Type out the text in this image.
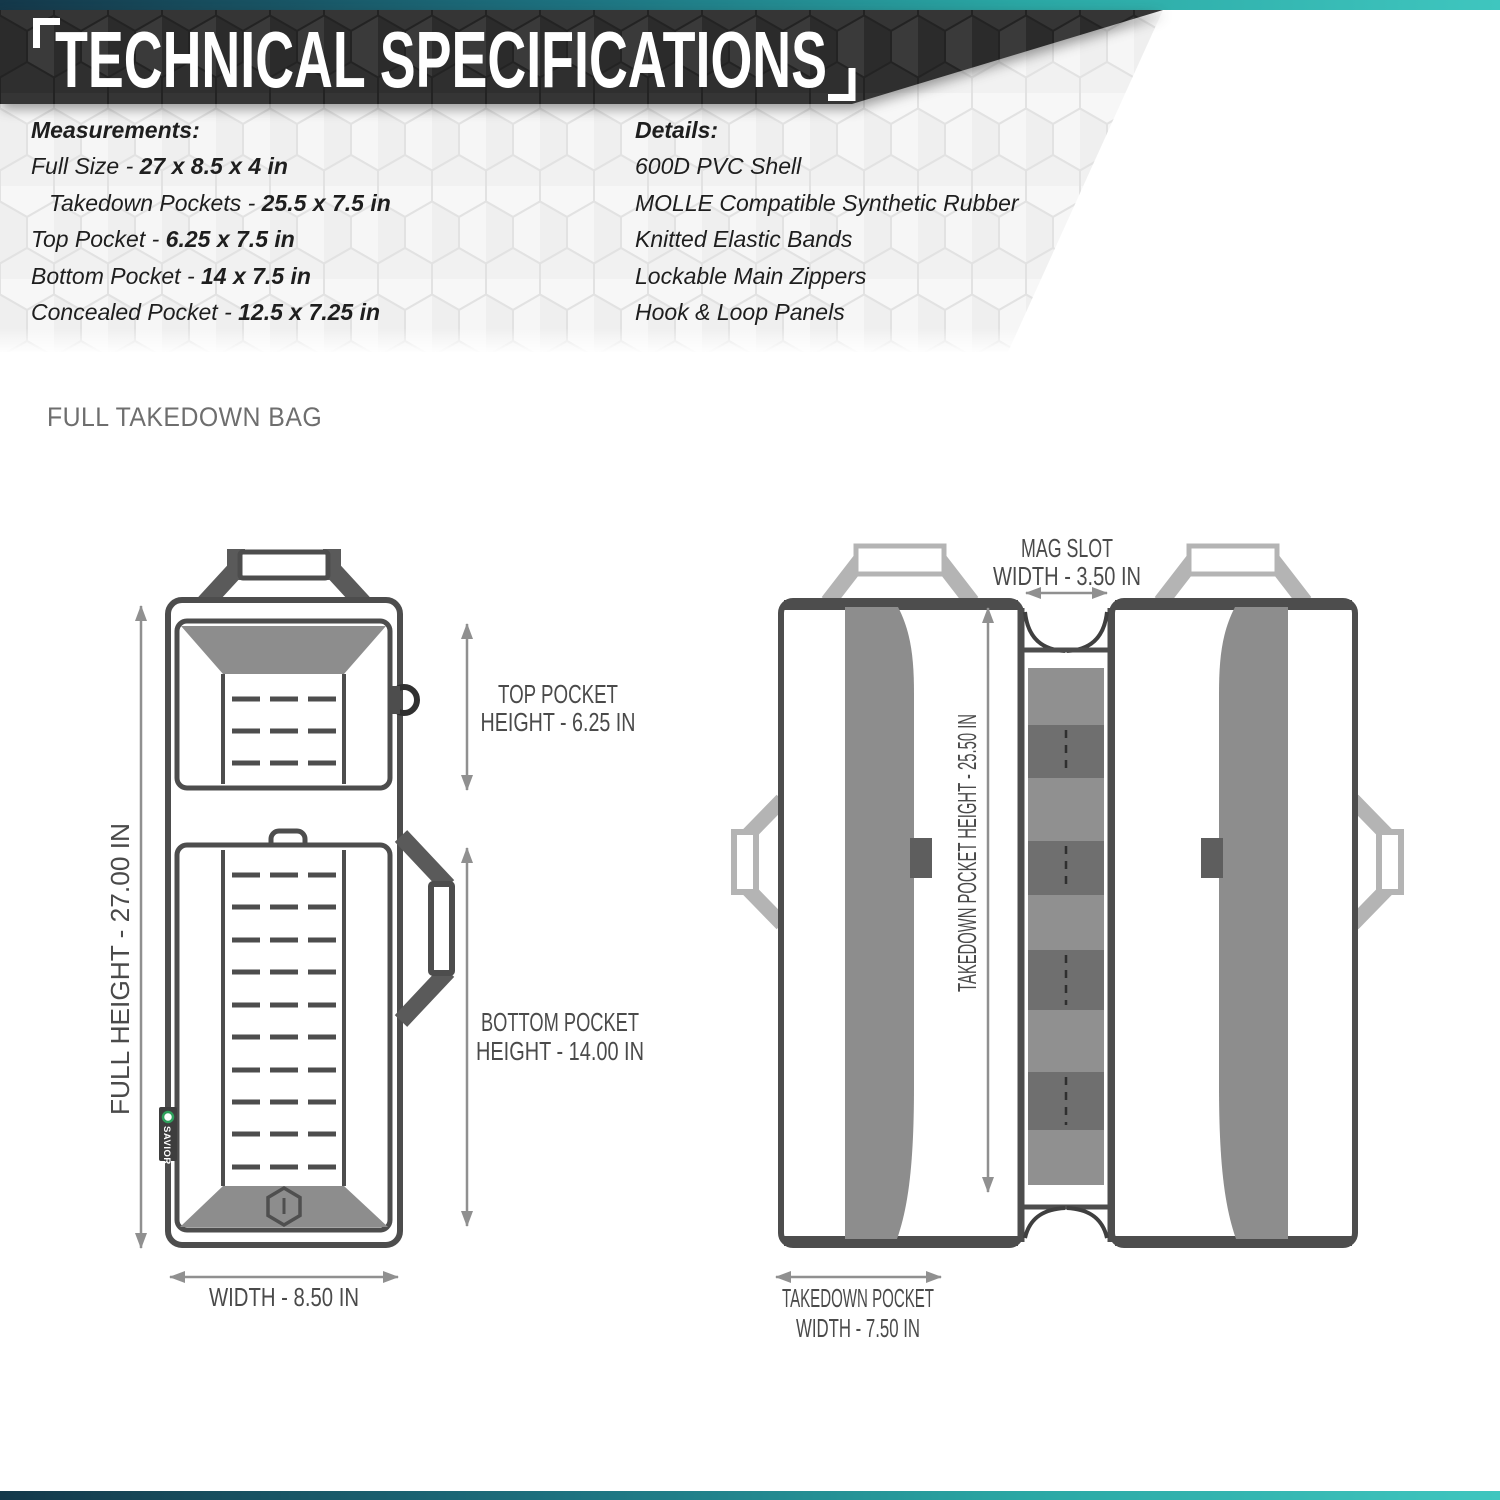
TECHNICAL SPECIFICATIONS
SAVIOR
FULL HEIGHT - 27.00 IN
TOP POCKET
HEIGHT - 6.25 IN
BOTTOM POCKET
HEIGHT - 14.00 IN
WIDTH - 8.50 IN
MAG SLOT
WIDTH - 3.50 IN
TAKEDOWN POCKET HEIGHT - 25.50 IN
TAKEDOWN POCKET
WIDTH - 7.50 IN
Measurements:
Full Size - 27 x 8.5 x 4 in
Takedown Pockets - 25.5 x 7.5 in
Top Pocket - 6.25 x 7.5 in
Bottom Pocket - 14 x 7.5 in
Concealed Pocket - 12.5 x 7.25 in
Details:
600D PVC Shell
MOLLE Compatible Synthetic Rubber
Knitted Elastic Bands
Lockable Main Zippers
Hook & Loop Panels
FULL TAKEDOWN BAG
